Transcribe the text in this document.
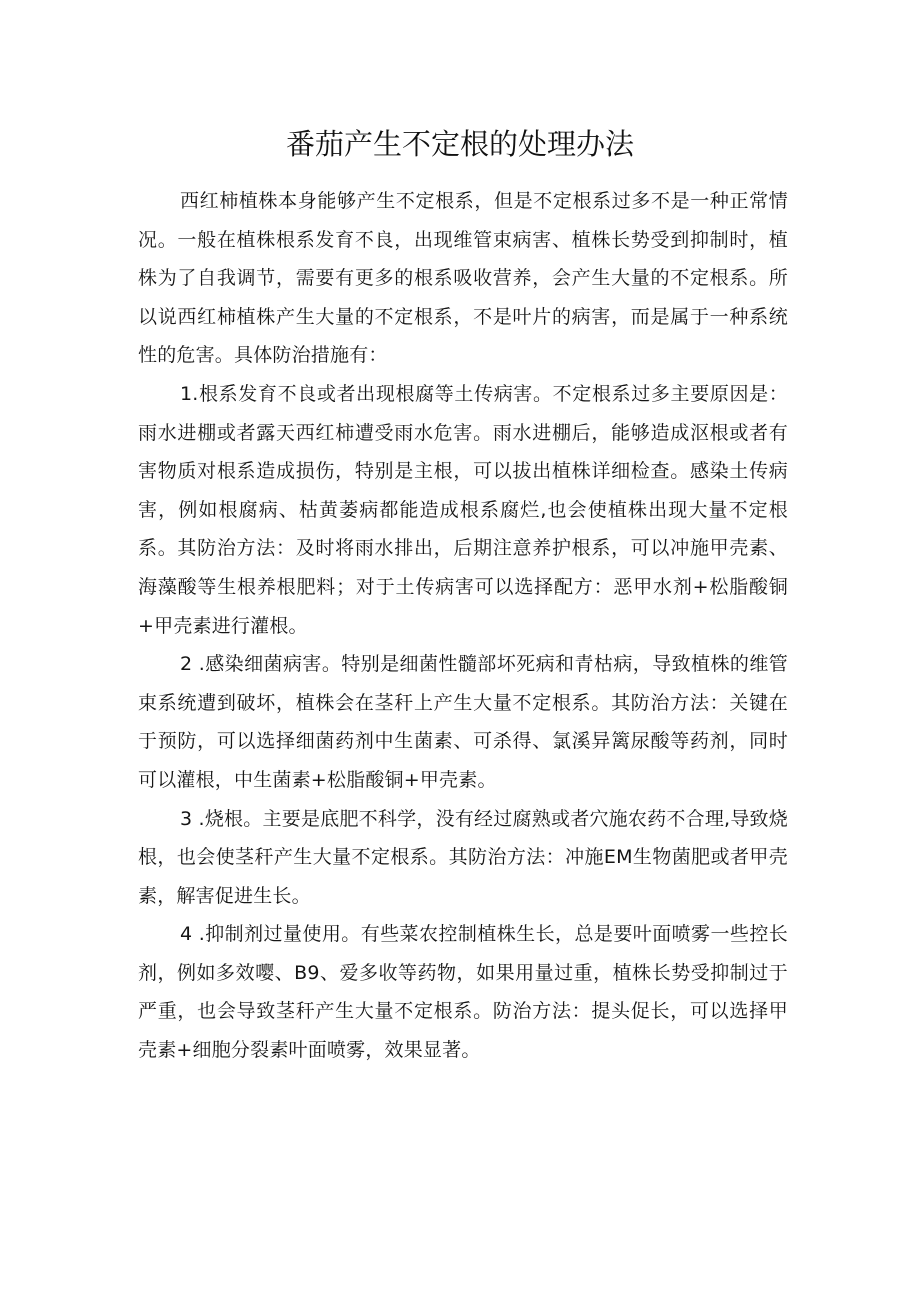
番茄产生不定根的处理办法

西红柿植株本身能够产生不定根系，但是不定根系过多不是一种正常情况。一般在植株根系发育不良，出现维管束病害、植株长势受到抑制时，植株为了自我调节，需要有更多的根系吸收营养，会产生大量的不定根系。所以说西红柿植株产生大量的不定根系，不是叶片的病害，而是属于一种系统性的危害。具体防治措施有：

1.根系发育不良或者出现根腐等土传病害。不定根系过多主要原因是：雨水进棚或者露天西红柿遭受雨水危害。雨水进棚后，能够造成沤根或者有害物质对根系造成损伤，特别是主根，可以拔出植株详细检查。感染土传病害，例如根腐病、枯黄萎病都能造成根系腐烂,也会使植株出现大量不定根系。其防治方法：及时将雨水排出，后期注意养护根系，可以冲施甲壳素、海藻酸等生根养根肥料；对于土传病害可以选择配方：恶甲水剂+松脂酸铜+甲壳素进行灌根。

2 .感染细菌病害。特别是细菌性髓部坏死病和青枯病，导致植株的维管束系统遭到破坏，植株会在茎秆上产生大量不定根系。其防治方法：关键在于预防，可以选择细菌药剂中生菌素、可杀得、氯溪异篱尿酸等药剂，同时可以灌根，中生菌素+松脂酸铜+甲壳素。

3 .烧根。主要是底肥不科学，没有经过腐熟或者穴施农药不合理,导致烧根，也会使茎秆产生大量不定根系。其防治方法：冲施EM生物菌肥或者甲壳素，解害促进生长。

4 .抑制剂过量使用。有些菜农控制植株生长，总是要叶面喷雾一些控长剂，例如多效嘤、B9、爱多收等药物，如果用量过重，植株长势受抑制过于严重，也会导致茎秆产生大量不定根系。防治方法：提头促长，可以选择甲壳素+细胞分裂素叶面喷雾，效果显著。
